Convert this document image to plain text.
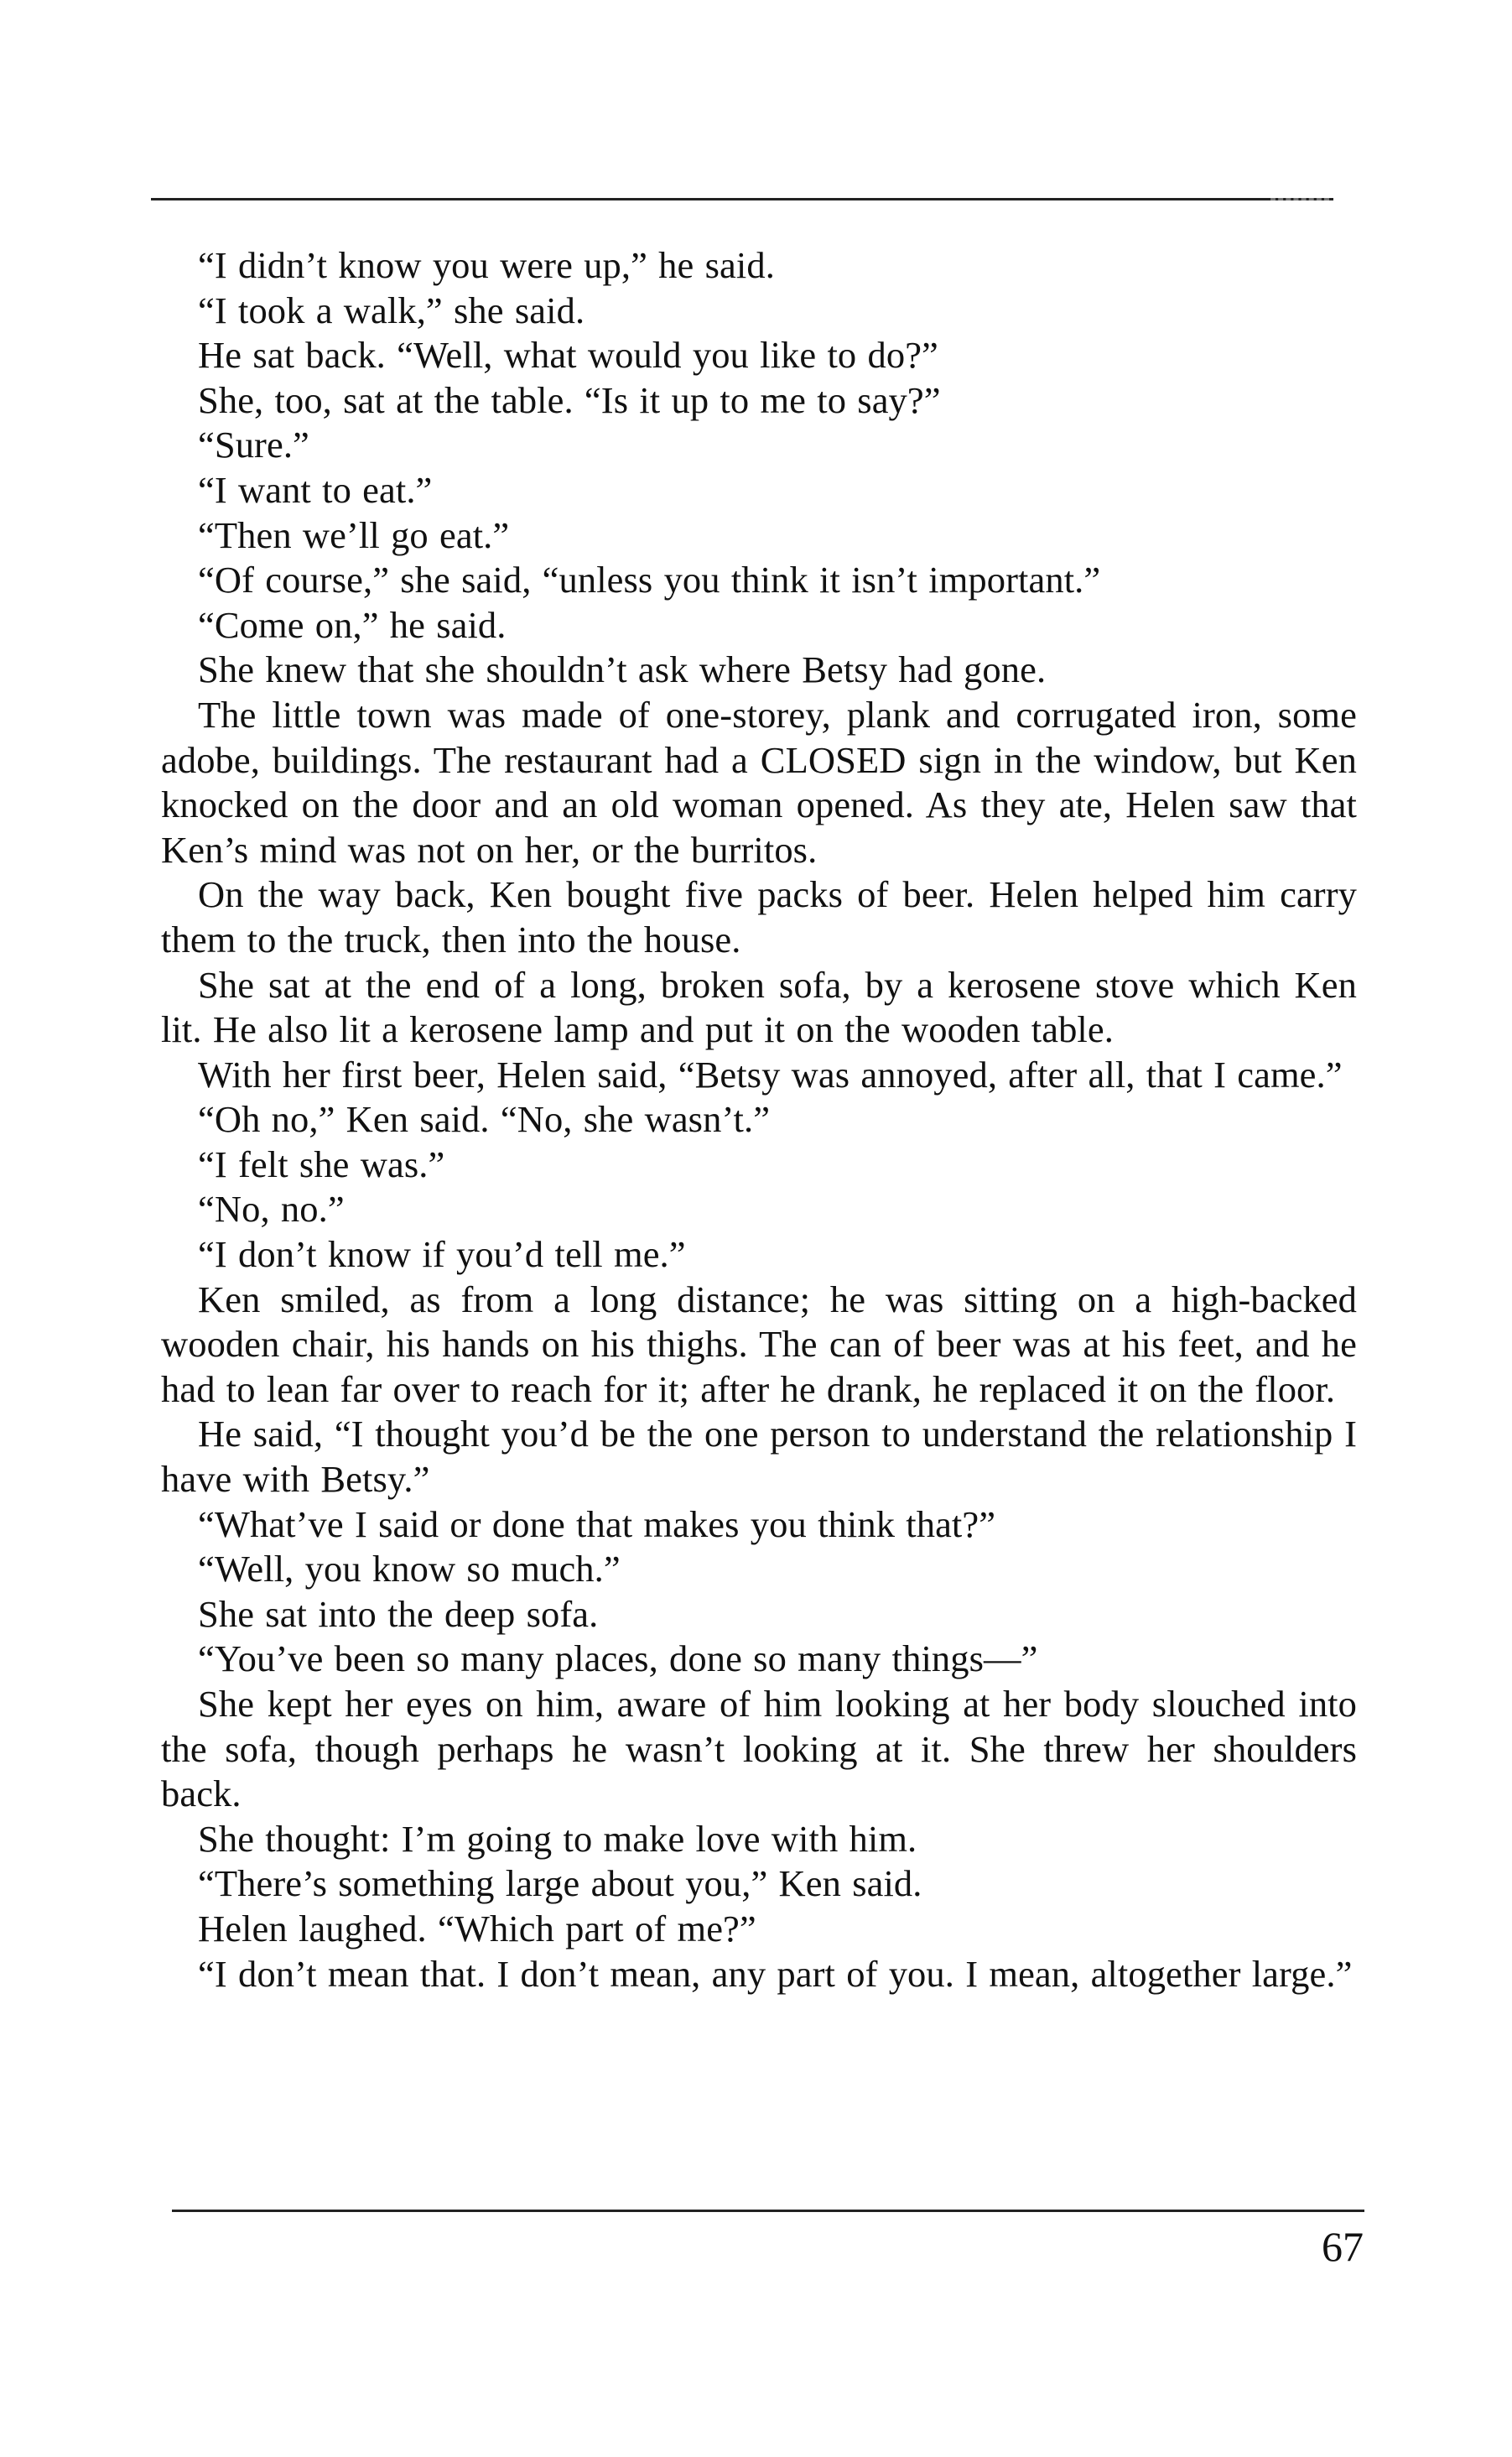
“I didn’t know you were up,” he said.

“I took a walk,” she said.

He sat back. “Well, what would you like to do?”

She, too, sat at the table. “Is it up to me to say?”

“Sure.”

“I want to eat.”

“Then we’ll go eat.”

“Of course,” she said, “unless you think it isn’t important.”

“Come on,” he said.

She knew that she shouldn’t ask where Betsy had gone.

The little town was made of one-storey, plank and corrugated iron, some adobe, buildings. The restaurant had a CLOSED sign in the window, but Ken knocked on the door and an old woman opened. As they ate, Helen saw that Ken’s mind was not on her, or the burritos.

On the way back, Ken bought five packs of beer. Helen helped him carry them to the truck, then into the house.

She sat at the end of a long, broken sofa, by a kerosene stove which Ken lit. He also lit a kerosene lamp and put it on the wooden table.

With her first beer, Helen said, “Betsy was annoyed, after all, that I came.”

“Oh no,” Ken said. “No, she wasn’t.”

“I felt she was.”

“No, no.”

“I don’t know if you’d tell me.”

Ken smiled, as from a long distance; he was sitting on a high-backed wooden chair, his hands on his thighs. The can of beer was at his feet, and he had to lean far over to reach for it; after he drank, he replaced it on the floor.

He said, “I thought you’d be the one person to understand the relationship I have with Betsy.”

“What’ve I said or done that makes you think that?”

“Well, you know so much.”

She sat into the deep sofa.

“You’ve been so many places, done so many things—”

She kept her eyes on him, aware of him looking at her body slouched into the sofa, though perhaps he wasn’t looking at it. She threw her shoulders back.

She thought: I’m going to make love with him.

“There’s something large about you,” Ken said.

Helen laughed. “Which part of me?”

“I don’t mean that. I don’t mean, any part of you. I mean, altogether large.”

67
